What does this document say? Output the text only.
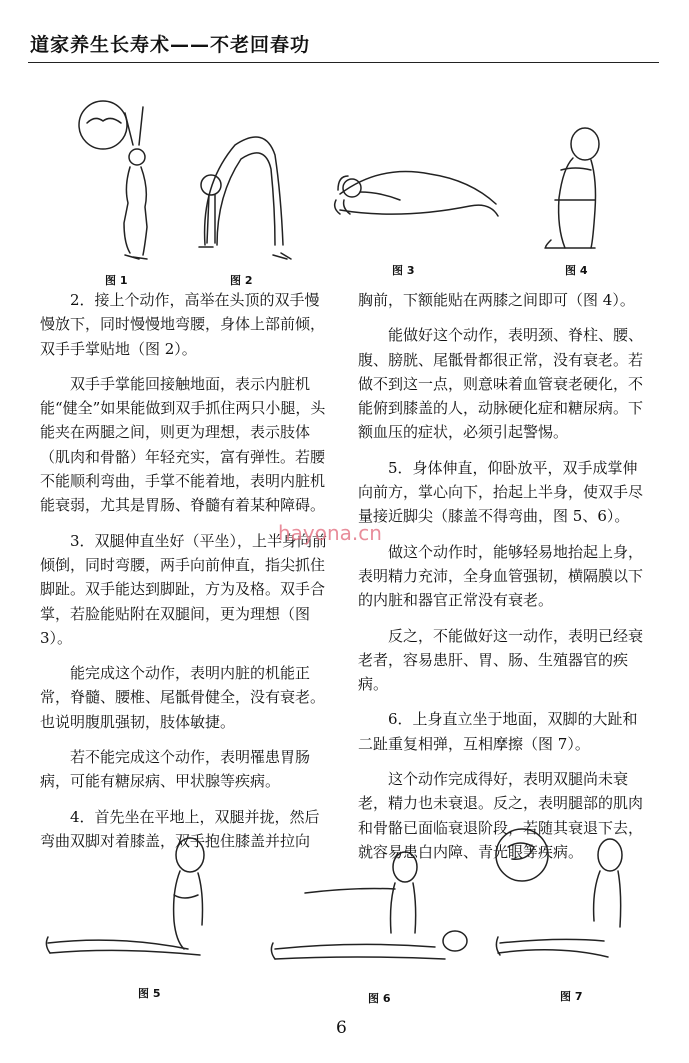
道家养生长寿术——不老回春功
图 1	图 2
图 3	图 4

2．接上个动作，高举在头顶的双手慢慢放下，同时慢慢地弯腰，身体上部前倾，双手手掌贴地（图 2）。

双手手掌能回接触地面，表示内脏机能“健全”如果能做到双手抓住两只小腿，头能夹在两腿之间，则更为理想，表示肢体（肌肉和骨骼）年轻充实，富有弹性。若腰不能顺利弯曲，手掌不能着地，表明内脏机能衰弱，尤其是胃肠、脊髓有着某种障碍。

3．双腿伸直坐好（平坐），上半身向前倾倒，同时弯腰，两手向前伸直，指尖抓住脚趾。双手能达到脚趾，方为及格。双手合掌，若脸能贴附在双腿间，更为理想（图 3）。

能完成这个动作，表明内脏的机能正常，脊髓、腰椎、尾骶骨健全，没有衰老。也说明腹肌强韧，肢体敏捷。

若不能完成这个动作，表明罹患胃肠病，可能有糖尿病、甲状腺等疾病。

4．首先坐在平地上，双腿并拢，然后弯曲双脚对着膝盖，双手抱住膝盖并拉向

胸前，下额能贴在两膝之间即可（图 4）。

能做好这个动作，表明颈、脊柱、腰、腹、膀胱、尾骶骨都很正常，没有衰老。若做不到这一点，则意味着血管衰老硬化，不能俯到膝盖的人，动脉硬化症和糖尿病。下额血压的症状，必须引起警惕。

5．身体伸直，仰卧放平，双手成掌伸向前方，掌心向下，抬起上半身，使双手尽量接近脚尖（膝盖不得弯曲，图 5、6）。

做这个动作时，能够轻易地抬起上身，表明精力充沛，全身血管强韧，横隔膜以下的内脏和器官正常没有衰老。

反之，不能做好这一动作，表明已经衰老者，容易患肝、胃、肠、生殖器官的疾病。

6．上身直立坐于地面，双脚的大趾和二趾重复相弹，互相摩擦（图 7）。

这个动作完成得好，表明双腿尚未衰老，精力也未衰退。反之，表明腿部的肌肉和骨骼已面临衰退阶段，若随其衰退下去，就容易患白内障、青光眼等疾病。

hayona.cn
图 5	图 6	图 7
6
